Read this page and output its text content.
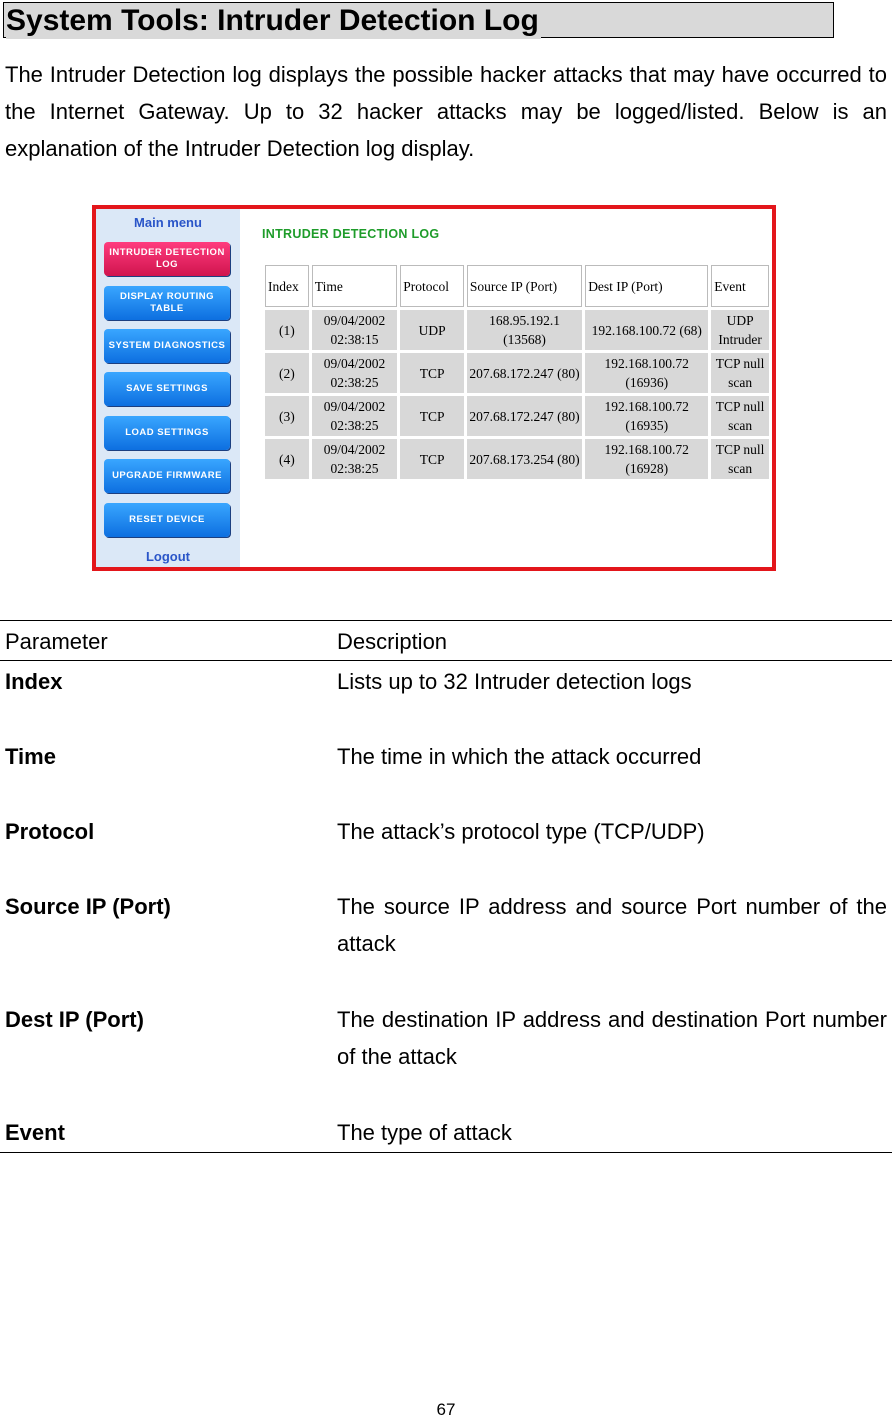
System Tools: Intruder Detection Log
The Intruder Detection log displays the possible hacker attacks that may have occurred to the Internet Gateway. Up to 32 hacker attacks may be logged/listed. Below is an explanation of the Intruder Detection log display.
Main menu
INTRUDER DETECTION LOG
DISPLAY ROUTING TABLE
SYSTEM DIAGNOSTICS
SAVE SETTINGS
LOAD SETTINGS
UPGRADE FIRMWARE
RESET DEVICE
Logout
INTRUDER DETECTION LOG
Index	Time	Protocol	Source IP (Port)	Dest IP (Port)	Event
(1)	09/04/2002 02:38:15	UDP	168.95.192.1 (13568)	192.168.100.72 (68)	UDP Intruder
(2)	09/04/2002 02:38:25	TCP	207.68.172.247 (80)	192.168.100.72 (16936)	TCP null scan
(3)	09/04/2002 02:38:25	TCP	207.68.172.247 (80)	192.168.100.72 (16935)	TCP null scan
(4)	09/04/2002 02:38:25	TCP	207.68.173.254 (80)	192.168.100.72 (16928)	TCP null scan
Parameter	Description
Index	Lists up to 32 Intruder detection logs
Time	The time in which the attack occurred
Protocol	The attack’s protocol type (TCP/UDP)
Source IP (Port)	The source IP address and source Port number of the attack
Dest IP (Port)	The destination IP address and destination Port number of the attack
Event	The type of attack
67
